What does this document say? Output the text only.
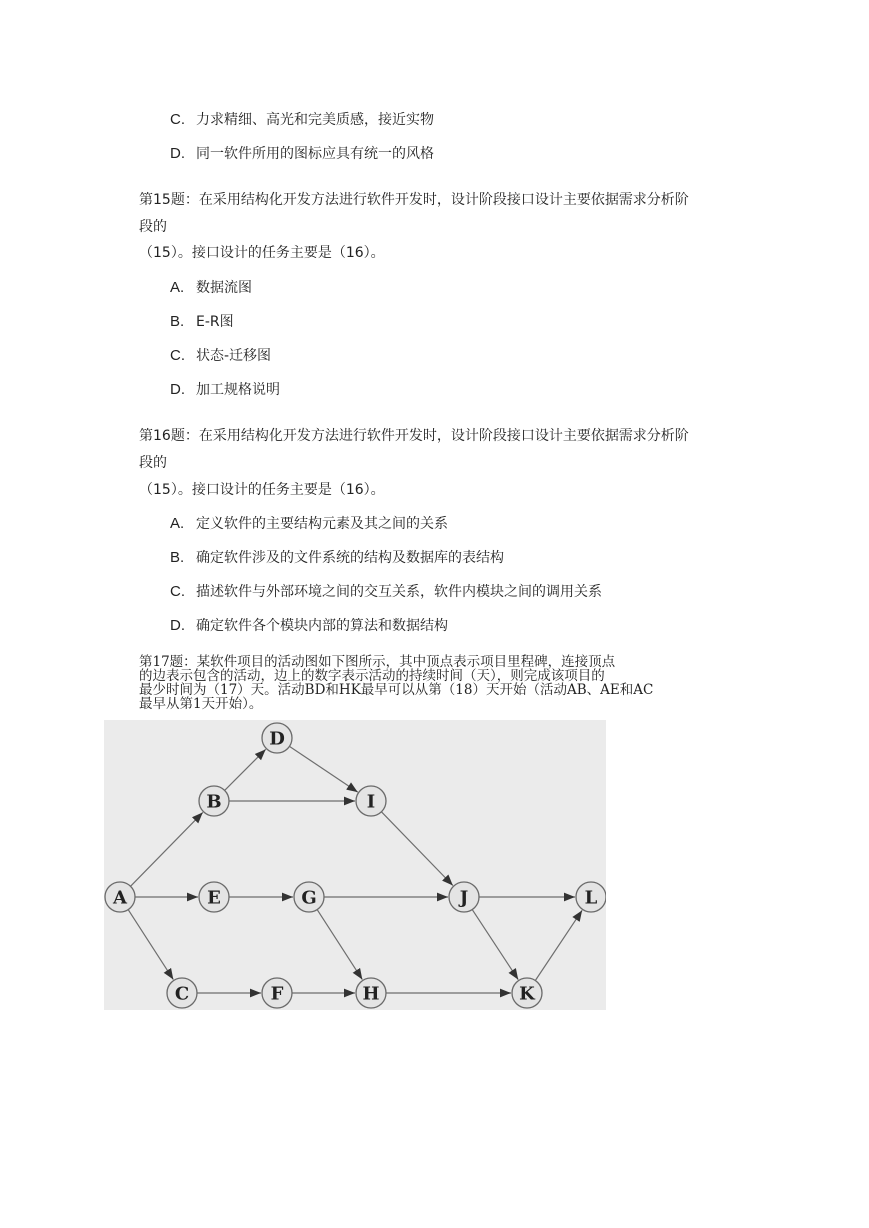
C. 力求精细、高光和完美质感，接近实物
D. 同一软件所用的图标应具有统一的风格
第15题：在采用结构化开发方法进行软件开发时，设计阶段接口设计主要依据需求分析阶
段的
（15）。接口设计的任务主要是（16）。
A. 数据流图
B. E-R图
C. 状态-迁移图
D. 加工规格说明
第16题：在采用结构化开发方法进行软件开发时，设计阶段接口设计主要依据需求分析阶
段的
（15）。接口设计的任务主要是（16）。
A. 定义软件的主要结构元素及其之间的关系
B. 确定软件涉及的文件系统的结构及数据库的表结构
C. 描述软件与外部环境之间的交互关系，软件内模块之间的调用关系
D. 确定软件各个模块内部的算法和数据结构
第17题：某软件项目的活动图如下图所示，其中顶点表示项目里程碑，连接顶点
的边表示包含的活动，边上的数字表示活动的持续时间（天），则完成该项目的
最少时间为（17）天。活动BD和HK最早可以从第（18）天开始（活动AB、AE和AC
最早从第1天开始）。
A
B
C
D
E
F
G
H
I
J
K
L
